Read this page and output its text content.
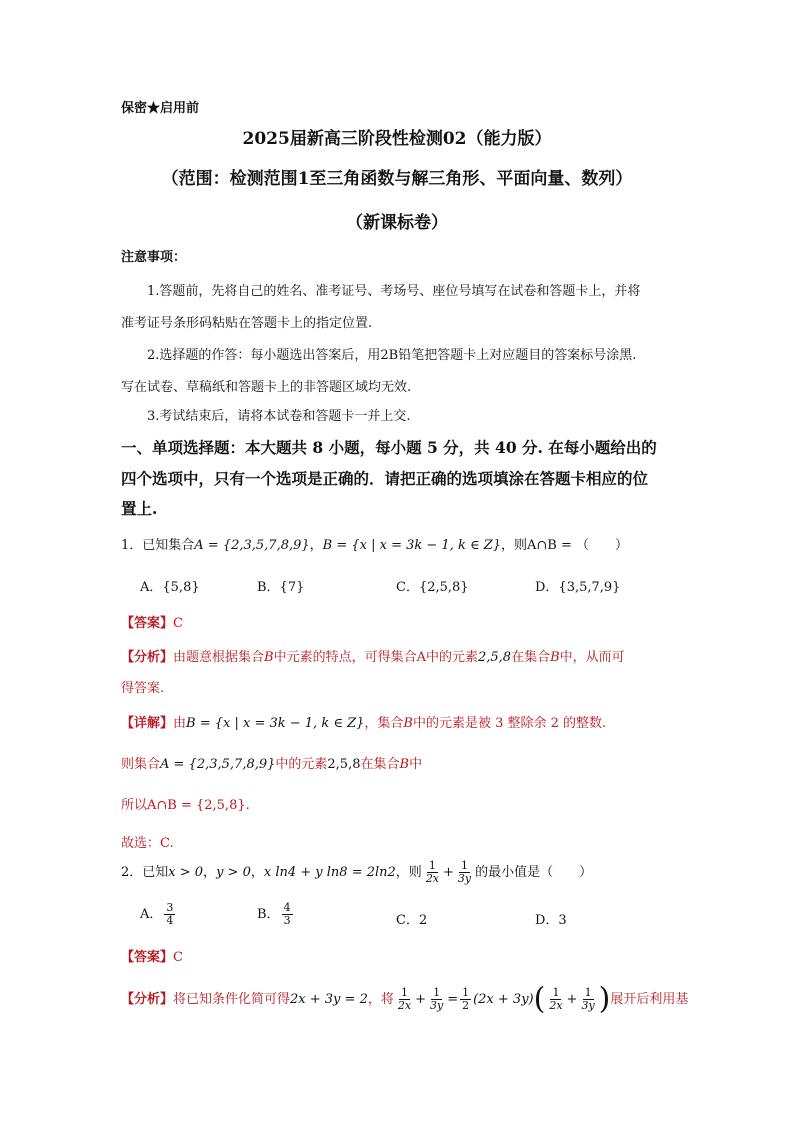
保密★启用前
2025届新高三阶段性检测02（能力版）
（范围：检测范围1至三角函数与解三角形、平面向量、数列）
（新课标卷）
注意事项：
1.答题前，先将自己的姓名、准考证号、考场号、座位号填写在试卷和答题卡上，并将
准考证号条形码粘贴在答题卡上的指定位置.
2.选择题的作答：每小题选出答案后，用2B铅笔把答题卡上对应题目的答案标号涂黑.
写在试卷、草稿纸和答题卡上的非答题区域均无效.
3.考试结束后，请将本试卷和答题卡一并上交.
一、单项选择题：本大题共 8 小题，每小题 5 分，共 40 分. 在每小题给出的
四个选项中，只有一个选项是正确的．请把正确的选项填涂在答题卡相应的位
置上.
1．已知集合A = {2,3,5,7,8,9}，B = {x | x = 3k − 1, k ∈ Z}，则A∩B = （　　）
A．{5,8}	B．{7}	C．{2,5,8}	D．{3,5,7,9}
【答案】C
【分析】由题意根据集合B中元素的特点，可得集合A中的元素2,5,8在集合B中，从而可
得答案.
【详解】由B = {x | x = 3k − 1, k ∈ Z}，集合B中的元素是被 3 整除余 2 的整数.
则集合A = {2,3,5,7,8,9}中的元素2,5,8在集合B中
所以A∩B = {2,5,8}.
故选：C.
2．已知x > 0，y > 0，x ln4 + y ln8 = 2ln2，则 $\frac{1}{2x} + \frac{1}{3y}$ 的最小值是（　　）
A． $\frac{3}{4}$	B． $\frac{4}{3}$	C．2	D．3
【答案】C
【分析】将已知条件化简可得2x + 3y = 2，将 $\frac{1}{2x} + \frac{1}{3y} = \frac{1}{2} (2x + 3y)( \frac{1}{2x} + \frac{1}{3y}$ )展开后利用基
